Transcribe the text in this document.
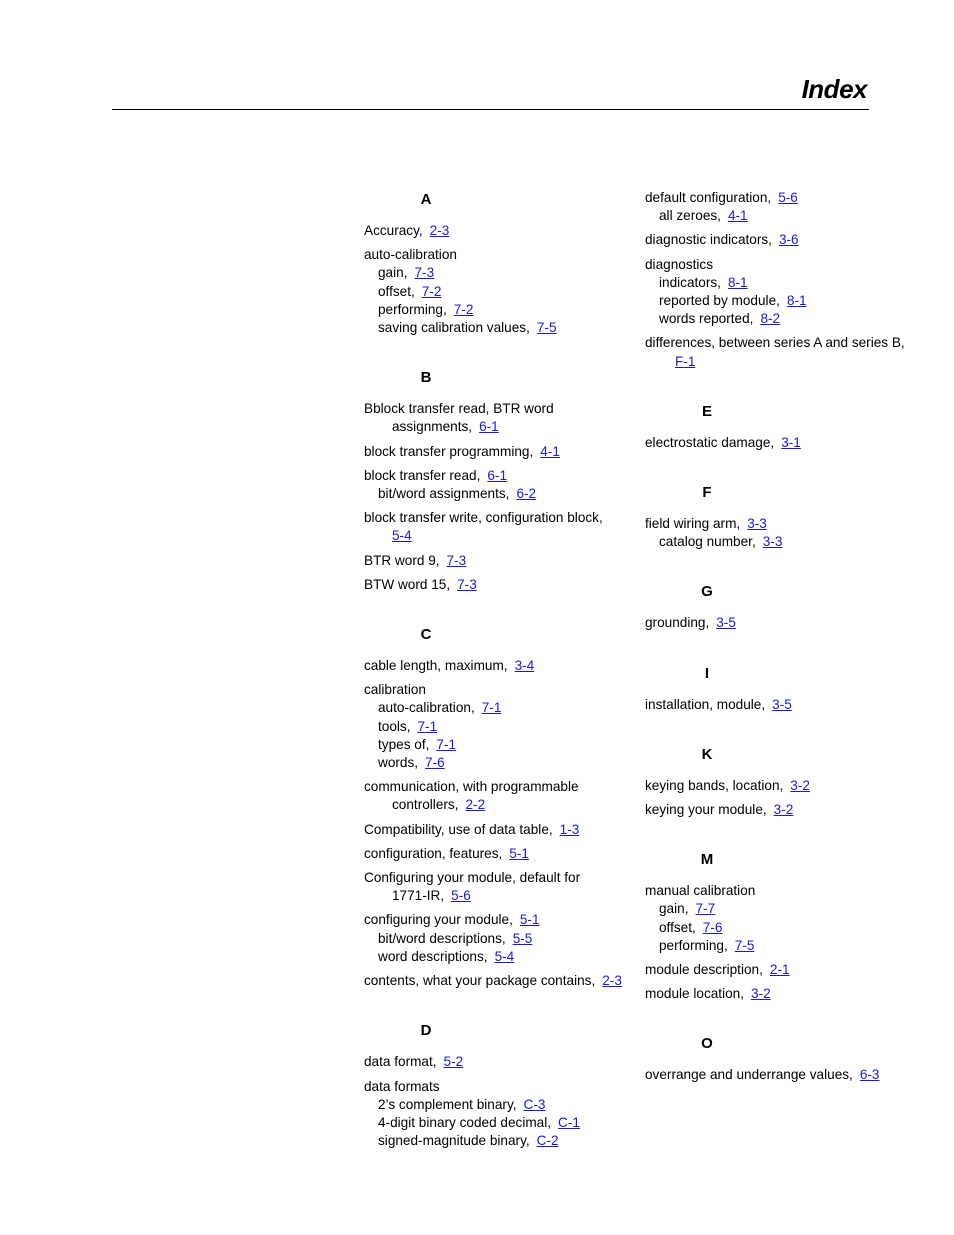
Index
A
Accuracy, 2-3
auto-calibration
gain, 7-3
offset, 7-2
performing, 7-2
saving calibration values, 7-5
B
Bblock transfer read, BTR word
assignments, 6-1
block transfer programming, 4-1
block transfer read, 6-1
bit/word assignments, 6-2
block transfer write, configuration block,
5-4
BTR word 9, 7-3
BTW word 15, 7-3
C
cable length, maximum, 3-4
calibration
auto-calibration, 7-1
tools, 7-1
types of, 7-1
words, 7-6
communication, with programmable
controllers, 2-2
Compatibility, use of data table, 1-3
configuration, features, 5-1
Configuring your module, default for
1771-IR, 5-6
configuring your module, 5-1
bit/word descriptions, 5-5
word descriptions, 5-4
contents, what your package contains, 2-3
D
data format, 5-2
data formats
2’s complement binary, C-3
4-digit binary coded decimal, C-1
signed-magnitude binary, C-2
default configuration, 5-6
all zeroes, 4-1
diagnostic indicators, 3-6
diagnostics
indicators, 8-1
reported by module, 8-1
words reported, 8-2
differences, between series A and series B,
F-1
E
electrostatic damage, 3-1
F
field wiring arm, 3-3
catalog number, 3-3
G
grounding, 3-5
I
installation, module, 3-5
K
keying bands, location, 3-2
keying your module, 3-2
M
manual calibration
gain, 7-7
offset, 7-6
performing, 7-5
module description, 2-1
module location, 3-2
O
overrange and underrange values, 6-3
